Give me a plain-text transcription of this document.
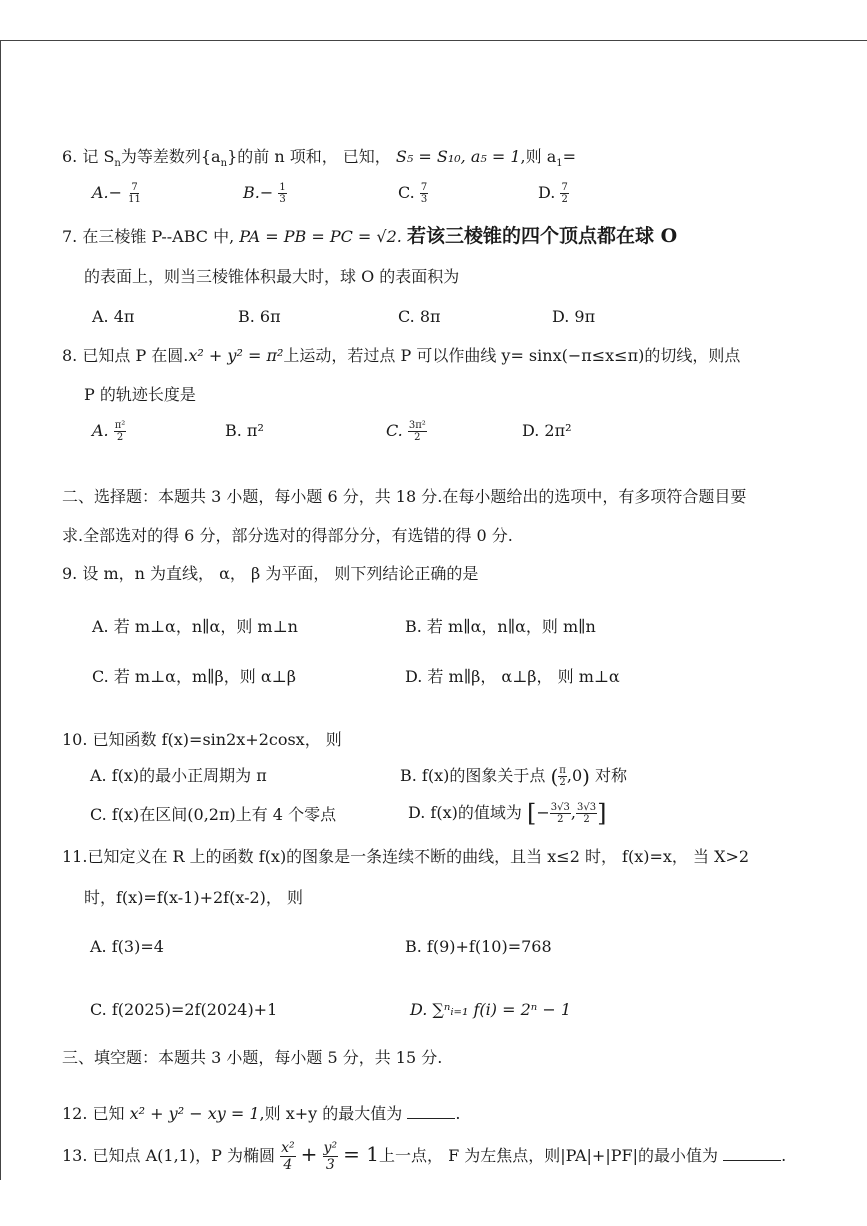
6. 记 $S_n$为等差数列$\{a_n\}$的前 n 项和， 已知， S₅ = S₁₀, a₅ = 1,则 $a_1=$
$A.- \frac{7}{11}$	$B.- \frac{1}{3}$	C. $\frac{7}{3}$	D. $\frac{7}{2}$
7. 在三棱锥 P--ABC 中, PA = PB = PC = √2. 若该三棱锥的四个顶点都在球 O
的表面上，则当三棱锥体积最大时，球 O 的表面积为
A. 4π	B. 6π	C. 8π	D. 9π
8. 已知点 P 在圆.x² + y² = π²上运动，若过点 P 可以作曲线 y= sinx(−π≤x≤π)的切线，则点
P 的轨迹长度是
A. $\frac{\text{π²}}{2}$	B. π²	C. $\frac{\text{3π²}}{2}$	D. 2π²
二、选择题：本题共 3 小题，每小题 6 分，共 18 分.在每小题给出的选项中，有多项符合题目要
求.全部选对的得 6 分，部分选对的得部分分，有选错的得 0 分.
9. 设 m，n 为直线， α， β 为平面， 则下列结论正确的是
A. 若 m⊥α，n∥α，则 m⊥n	B. 若 m∥α，n∥α，则 m∥n
C. 若 m⊥α，m∥β，则 α⊥β	D. 若 m∥β， α⊥β， 则 m⊥α
10. 已知函数 f(x)=sin2x+2cosx， 则
A. f(x)的最小正周期为 π	B. f(x)的图象关于点 ( $\frac{\pi}{2} ,0$) 对称
C. f(x)在区间(0,2π)上有 4 个零点	D. f(x)的值域为 [− $\frac{3√3}{2}$ , $\frac{3√3}{2}$ ]
11.已知定义在 R 上的函数 f(x)的图象是一条连续不断的曲线，且当 x≤2 时， f(x)=x， 当 X>2
时，f(x)=f(x-1)+2f(x-2)， 则
A. f(3)=4	B. f(9)+f(10)=768
C. f(2025)=2f(2024)+1	D. ∑ⁿᵢ₌₁ f(i) = 2ⁿ − 1
三、填空题：本题共 3 小题，每小题 5 分，共 15 分.
12. 已知 x² + y² − xy = 1,则 x+y 的最大值为	.
13. 已知点 A(1,1)，P 为椭圆 $\frac{\text{x²}}{4} + \frac{\text{y²}}{3} = 1$上一点， F 为左焦点，则|PA|+|PF|的最小值为	.
